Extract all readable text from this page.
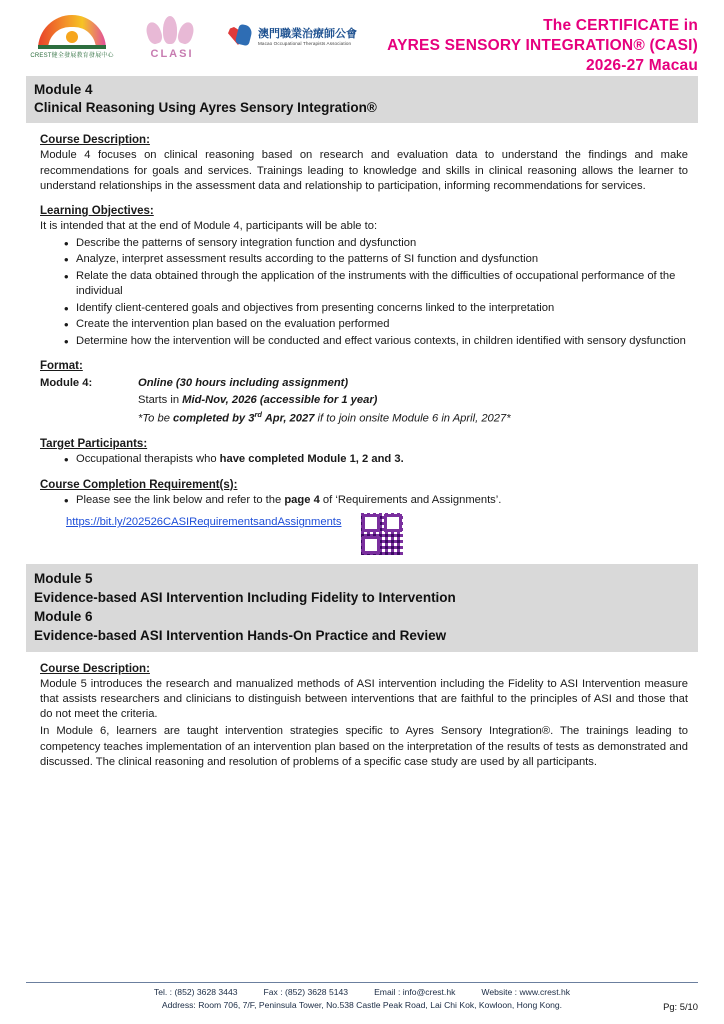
CREST健全發展教育發展中心	CLASI
澳門職業治療師公會
Macao Occupational Therapists Association
The CERTIFICATE in
AYRES SENSORY INTEGRATION® (CASI)
2026-27 Macau
Module 4
Clinical Reasoning Using Ayres Sensory Integration®
Course Description:

Module 4 focuses on clinical reasoning based on research and evaluation data to understand the findings and make recommendations for goals and services. Trainings leading to knowledge and skills in clinical reasoning allows the learner to understand relationships in the assessment data and relationship to participation, informing recommendations for services.

Learning Objectives:
It is intended that at the end of Module 4, participants will be able to:
• Describe the patterns of sensory integration function and dysfunction
• Analyze, interpret assessment results according to the patterns of SI function and dysfunction
• Relate the data obtained through the application of the instruments with the difficulties of occupational performance of the individual
• Identify client-centered goals and objectives from presenting concerns linked to the interpretation
• Create the intervention plan based on the evaluation performed
• Determine how the intervention will be conducted and effect various contexts, in children identified with sensory dysfunction
Format:
Module 4:	Online (30 hours including assignment)
Starts in Mid-Nov, 2026 (accessible for 1 year)
*To be completed by 3rd Apr, 2027 if to join onsite Module 6 in April, 2027*
Target Participants:
• Occupational therapists who have completed Module 1, 2 and 3.
Course Completion Requirement(s):
• Please see the link below and refer to the page 4 of ‘Requirements and Assignments’.
https://bit.ly/202526CASIRequirementsandAssignments
Module 5
Evidence-based ASI Intervention Including Fidelity to Intervention
Module 6
Evidence-based ASI Intervention Hands-On Practice and Review
Course Description:

Module 5 introduces the research and manualized methods of ASI intervention including the Fidelity to ASI Intervention measure that assists researchers and clinicians to distinguish between interventions that are faithful to the principles of ASI and those that do not meet the criteria.

In Module 6, learners are taught intervention strategies specific to Ayres Sensory Integration®. The trainings leading to competency teaches implementation of an intervention plan based on the interpretation of the results of tests as demonstrated and discussed. The clinical reasoning and resolution of problems of a specific case study are used by all participants.

Tel. : (852) 3628 3443	Fax : (852) 3628 5143	Email : info@crest.hk	Website : www.crest.hk
Address: Room 706, 7/F, Peninsula Tower, No.538 Castle Peak Road, Lai Chi Kok, Kowloon, Hong Kong.	Pg: 5/10
